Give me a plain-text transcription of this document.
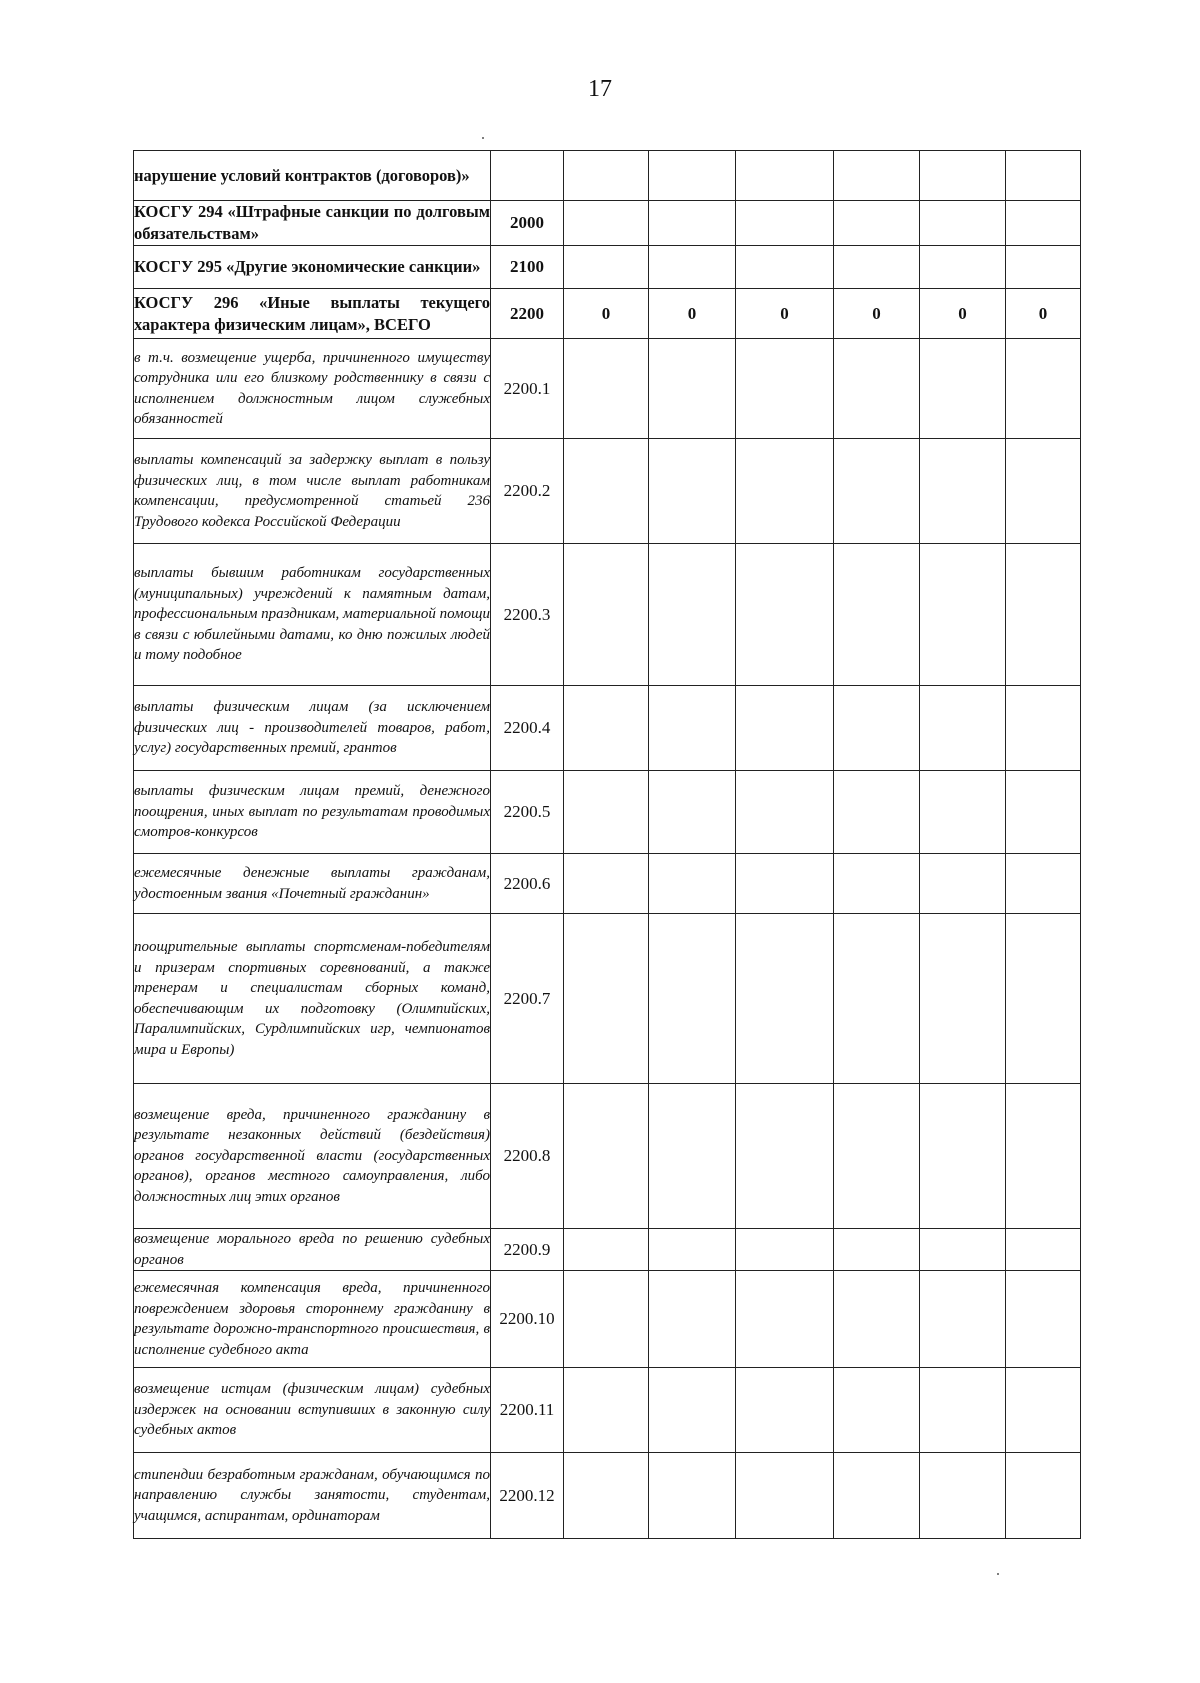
17
нарушение условий контрактов (договоров)»							
КОСГУ 294 «Штрафные санкции по долговым обязательствам»	2000						
КОСГУ 295 «Другие экономические санкции»	2100						
КОСГУ 296 «Иные выплаты текущего характера физическим лицам», ВСЕГО	2200	0	0	0	0	0	0
в т.ч. возмещение ущерба, причиненного имуществу сотрудника или его близкому родственнику в связи с исполнением должностным лицом служебных обязанностей	2200.1						
выплаты компенсаций за задержку выплат в пользу физических лиц, в том числе выплат работникам компенсации, предусмотренной статьей 236 Трудового кодекса Российской Федерации	2200.2						
выплаты бывшим работникам государственных (муниципальных) учреждений к памятным датам, профессиональным праздникам, материальной помощи в связи с юбилейными датами, ко дню пожилых людей и тому подобное	2200.3						
выплаты физическим лицам (за исключением физических лиц - производителей товаров, работ, услуг) государственных премий, грантов	2200.4						
выплаты физическим лицам премий, денежного поощрения, иных выплат по результатам проводимых смотров-конкурсов	2200.5						
ежемесячные денежные выплаты гражданам, удостоенным звания «Почетный гражданин»	2200.6						
поощрительные выплаты спортсменам-победителям и призерам спортивных соревнований, а также тренерам и специалистам сборных команд, обеспечивающим их подготовку (Олимпийских, Паралимпийских, Сурдлимпийских игр, чемпионатов мира и Европы)	2200.7						
возмещение вреда, причиненного гражданину в результате незаконных действий (бездействия) органов государственной власти (государственных органов), органов местного самоуправления, либо должностных лиц этих органов	2200.8						
возмещение морального вреда по решению судебных органов	2200.9						
ежемесячная компенсация вреда, причиненного повреждением здоровья стороннему гражданину в результате дорожно-транспортного происшествия, в исполнение судебного акта	2200.10						
возмещение истцам (физическим лицам) судебных издержек на основании вступивших в законную силу судебных актов	2200.11						
стипендии безработным гражданам, обучающимся по направлению службы занятости, студентам, учащимся, аспирантам, ординаторам	2200.12						
